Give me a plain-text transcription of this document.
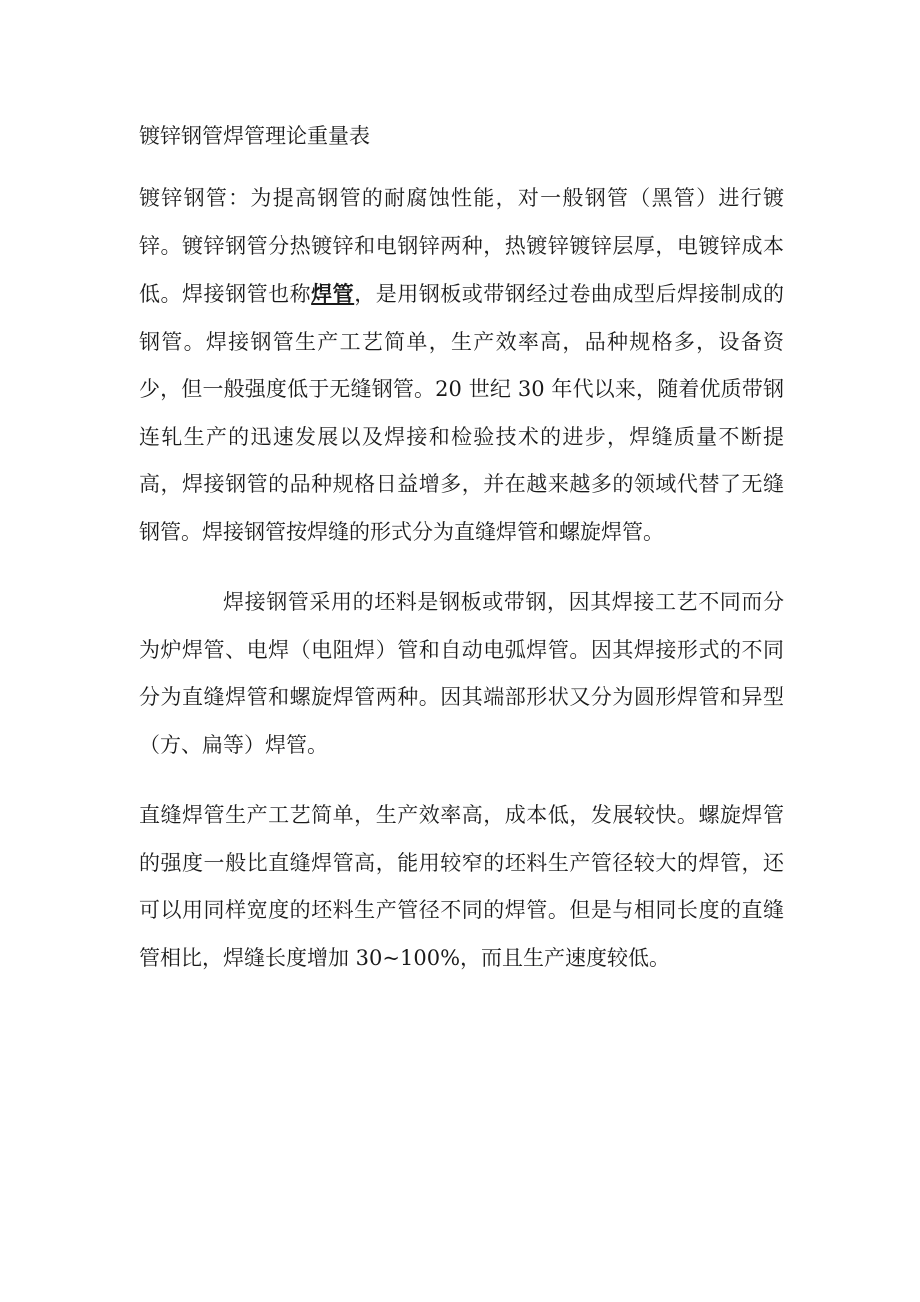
镀锌钢管焊管理论重量表

镀锌钢管：为提高钢管的耐腐蚀性能，对一般钢管（黑管）进行镀锌。镀锌钢管分热镀锌和电钢锌两种，热镀锌镀锌层厚，电镀锌成本低。焊接钢管也称焊管，是用钢板或带钢经过卷曲成型后焊接制成的钢管。焊接钢管生产工艺简单，生产效率高，品种规格多，设备资少，但一般强度低于无缝钢管。20 世纪 30 年代以来，随着优质带钢连轧生产的迅速发展以及焊接和检验技术的进步，焊缝质量不断提高，焊接钢管的品种规格日益增多，并在越来越多的领域代替了无缝钢管。焊接钢管按焊缝的形式分为直缝焊管和螺旋焊管。

焊接钢管采用的坯料是钢板或带钢，因其焊接工艺不同而分为炉焊管、电焊（电阻焊）管和自动电弧焊管。因其焊接形式的不同分为直缝焊管和螺旋焊管两种。因其端部形状又分为圆形焊管和异型（方、扁等）焊管。

直缝焊管生产工艺简单，生产效率高，成本低，发展较快。螺旋焊管的强度一般比直缝焊管高，能用较窄的坯料生产管径较大的焊管，还可以用同样宽度的坯料生产管径不同的焊管。但是与相同长度的直缝管相比，焊缝长度增加 30~100%，而且生产速度较低。
